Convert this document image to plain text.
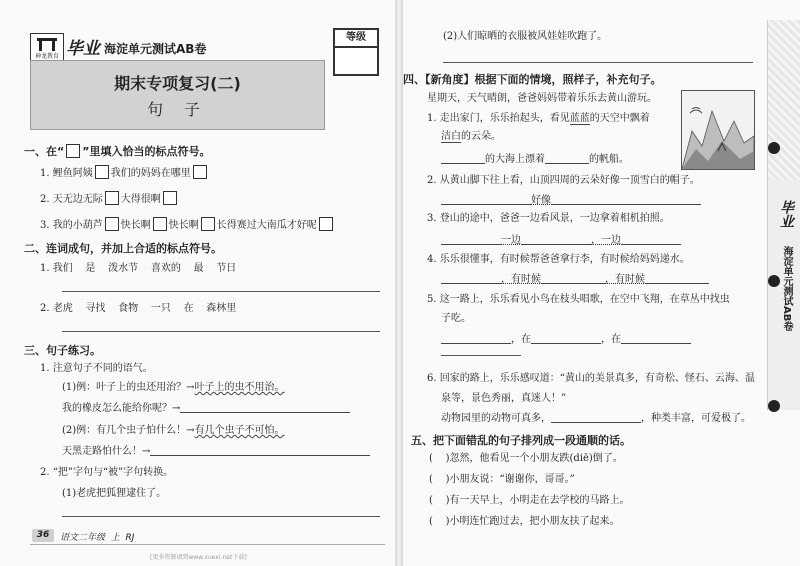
神龙教育 毕业 海淀单元测试AB卷
等级
期末专项复习(二)
句 子
一、在“ ”里填入恰当的标点符号。
1. 鲤鱼阿姨 我们的妈妈在哪里
2. 天无边无际 大得很啊
3. 我的小葫芦 快长啊 快长啊 长得赛过大南瓜才好呢
二、连词成句，并加上合适的标点符号。
1. 我们    是    泼水节    喜欢的    最    节日
2. 老虎    寻找    食物    一只    在    森林里
三、句子练习。
1. 注意句子不同的语气。
(1)例：叶子上的虫还用治？→叶子上的虫不用治。
我的橡皮怎么能给你呢？→
(2)例：有几个虫子怕什么！→有几个虫子不可怕。
天黑走路怕什么！→
2. “把”字句与“被”字句转换。
(1)老虎把狐狸逮住了。
36	语文二年级  上  RJ
[更多资源请到www.xuexi.net下载]
(2)人们晾晒的衣服被风娃娃吹跑了。
四、【新角度】根据下面的情境，照样子，补充句子。
星期天，天气晴朗，爸爸妈妈带着乐乐去黄山游玩。
1. 走出家门，乐乐抬起头，看见蓝蓝的天空中飘着
洁白的云朵。
的大海上漂着	的帆船。
2. 从黄山脚下往上看，山顶四周的云朵好像一顶雪白的帽子。
好像
3. 登山的途中，爸爸一边看风景，一边拿着相机拍照。
一边	，一边
4. 乐乐很懂事，有时候帮爸爸拿行李，有时候给妈妈递水。
，有时候	，有时候
5. 这一路上，乐乐看见小鸟在枝头唱歌，在空中飞翔，在草丛中找虫
子吃。
，在	，在
6. 回家的路上，乐乐感叹道：“黄山的美景真多，有奇松、怪石、云海、温
泉等，景色秀丽，真迷人！”
动物园里的动物可真多，	，种类丰富，可爱极了。
五、把下面错乱的句子排列成一段通顺的话。
(    )忽然，他看见一个小朋友跌(diē)倒了。
(    )小朋友说：“谢谢你，哥哥。”
(    )有一天早上，小明走在去学校的马路上。
(    )小明连忙跑过去，把小朋友扶了起来。
毕业
海淀单元测试AB卷
